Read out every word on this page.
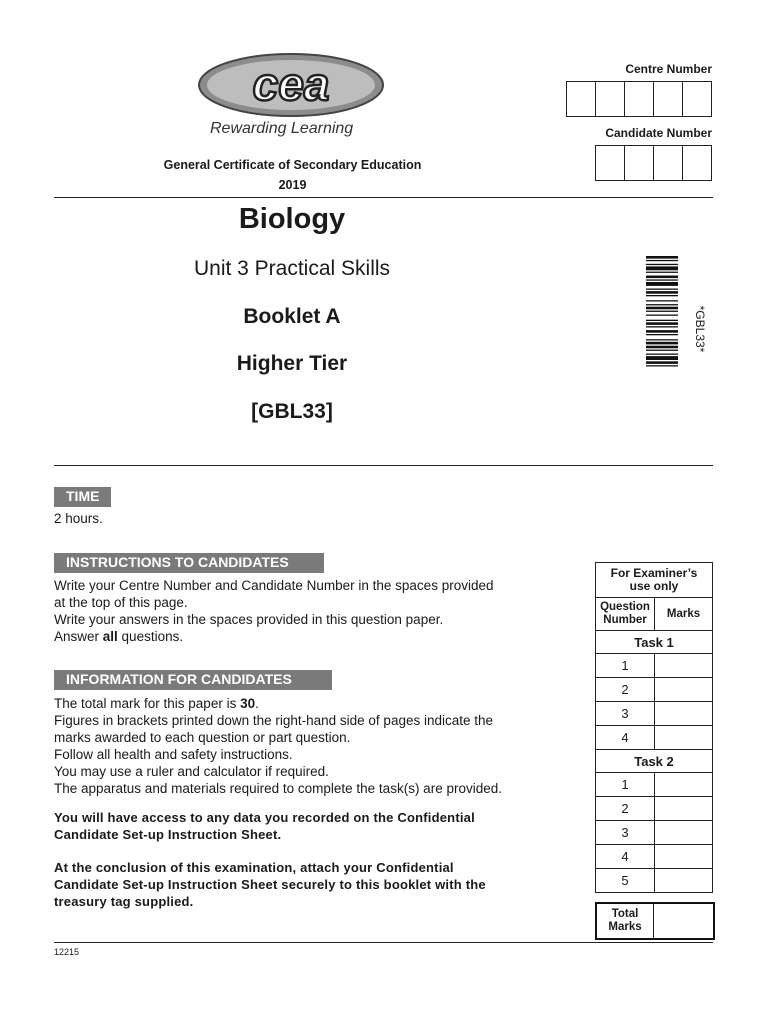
cea
Rewarding Learning
General Certificate of Secondary Education
2019
Centre Number
Candidate Number
Biology
Unit 3 Practical Skills
Booklet A
Higher Tier
[GBL33]
*GBL33*
TIME
2 hours.
INSTRUCTIONS TO CANDIDATES
Write your Centre Number and Candidate Number in the spaces provided
at the top of this page.
Write your answers in the spaces provided in this question paper.
Answer all questions.
INFORMATION FOR CANDIDATES
The total mark for this paper is 30.
Figures in brackets printed down the right-hand side of pages indicate the
marks awarded to each question or part question.
Follow all health and safety instructions.
You may use a ruler and calculator if required.
The apparatus and materials required to complete the task(s) are provided.
You will have access to any data you recorded on the Confidential
Candidate Set-up Instruction Sheet.
At the conclusion of this examination, attach your Confidential
Candidate Set-up Instruction Sheet securely to this booklet with the
treasury tag supplied.
For Examiner’s
use only	

Question
Number	Marks
Task 1	
1	
2	
3	
4	
Task 2	
1	
2	
3	
4	
5	
Total
Marks
12215
